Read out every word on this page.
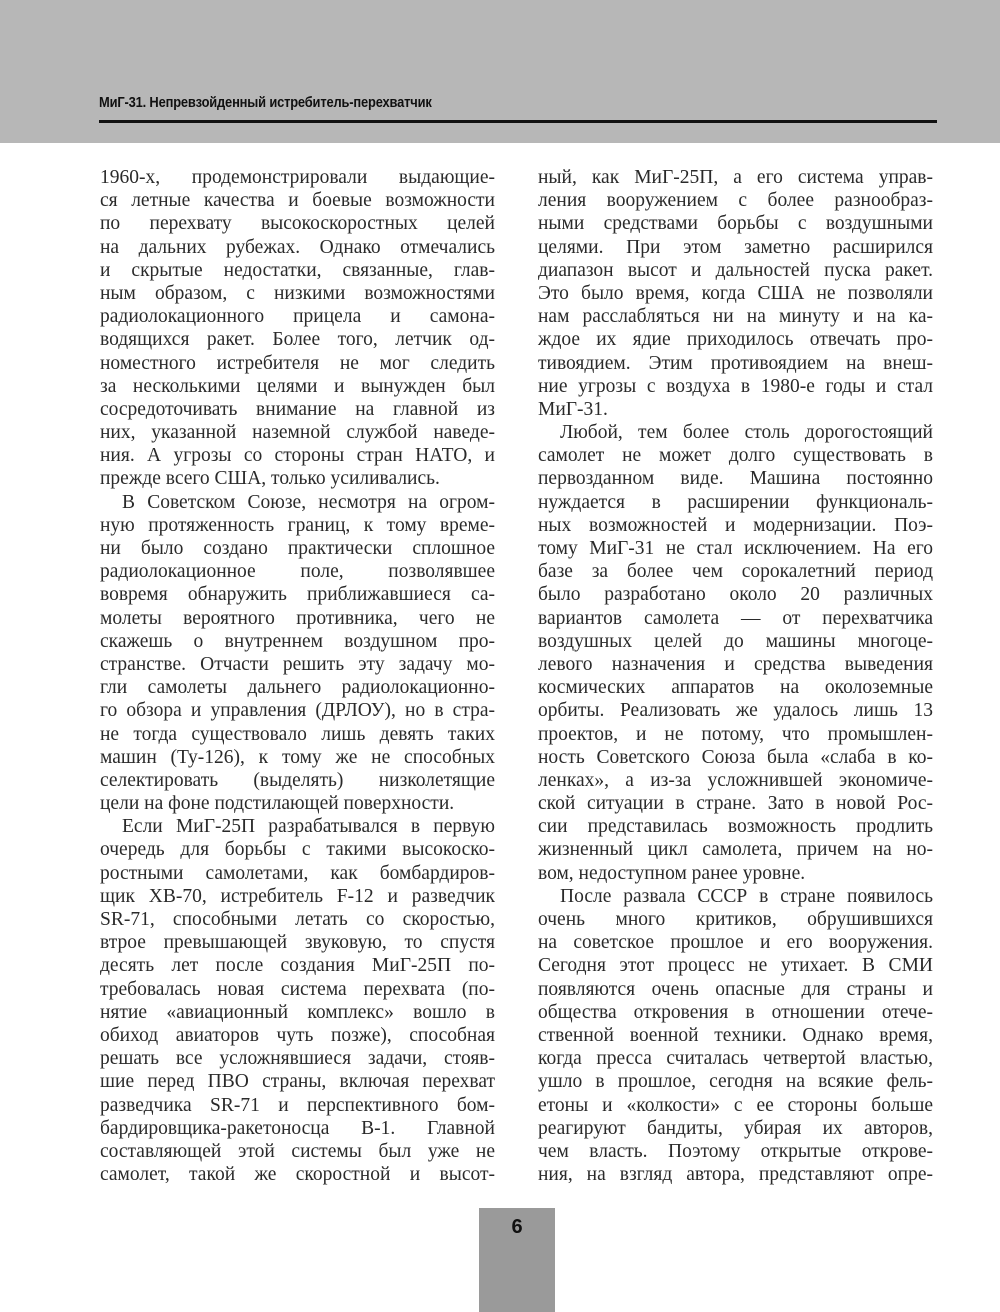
МиГ-31. Непревзойденный истребитель-перехватчик
1960-х, продемонстрировали выдающие-
ся летные качества и боевые возможности
по перехвату высокоскоростных целей
на дальних рубежах. Однако отмечались
и скрытые недостатки, связанные, глав-
ным образом, с низкими возможностями
радиолокационного прицела и самона-
водящихся ракет. Более того, летчик од-
номестного истребителя не мог следить
за несколькими целями и вынужден был
сосредоточивать внимание на главной из
них, указанной наземной службой наведе-
ния. А угрозы со стороны стран НАТО, и
прежде всего США, только усиливались.
В Советском Союзе, несмотря на огром-
ную протяженность границ, к тому време-
ни было создано практически сплошное
радиолокационное поле, позволявшее
вовремя обнаружить приближавшиеся са-
молеты вероятного противника, чего не
скажешь о внутреннем воздушном про-
странстве. Отчасти решить эту задачу мо-
гли самолеты дальнего радиолокационно-
го обзора и управления (ДРЛОУ), но в стра-
не тогда существовало лишь девять таких
машин (Ту-126), к тому же не способных
селектировать (выделять) низколетящие
цели на фоне подстилающей поверхности.
Если МиГ-25П разрабатывался в первую
очередь для борьбы с такими высокоско-
ростными самолетами, как бомбардиров-
щик XB-70, истребитель F-12 и разведчик
SR-71, способными летать со скоростью,
втрое превышающей звуковую, то спустя
десять лет после создания МиГ-25П по-
требовалась новая система перехвата (по-
нятие «авиационный комплекс» вошло в
обиход авиаторов чуть позже), способная
решать все усложнявшиеся задачи, стояв-
шие перед ПВО страны, включая перехват
разведчика SR-71 и перспективного бом-
бардировщика-ракетоносца B-1. Главной
составляющей этой системы был уже не
самолет, такой же скоростной и высот-
ный, как МиГ-25П, а его система управ-
ления вооружением с более разнообраз-
ными средствами борьбы с воздушными
целями. При этом заметно расширился
диапазон высот и дальностей пуска ракет.
Это было время, когда США не позволяли
нам расслабляться ни на минуту и на ка-
ждое их ядие приходилось отвечать про-
тивоядием. Этим противоядием на внеш-
ние угрозы с воздуха в 1980-е годы и стал
МиГ-31.
Любой, тем более столь дорогостоящий
самолет не может долго существовать в
первозданном виде. Машина постоянно
нуждается в расширении функциональ-
ных возможностей и модернизации. Поэ-
тому МиГ-31 не стал исключением. На его
базе за более чем сорокалетний период
было разработано около 20 различных
вариантов самолета — от перехватчика
воздушных целей до машины многоце-
левого назначения и средства выведения
космических аппаратов на околоземные
орбиты. Реализовать же удалось лишь 13
проектов, и не потому, что промышлен-
ность Советского Союза была «слаба в ко-
ленках», а из-за усложнившей экономиче-
ской ситуации в стране. Зато в новой Рос-
сии представилась возможность продлить
жизненный цикл самолета, причем на но-
вом, недоступном ранее уровне.
После развала СССР в стране появилось
очень много критиков, обрушившихся
на советское прошлое и его вооружения.
Сегодня этот процесс не утихает. В СМИ
появляются очень опасные для страны и
общества откровения в отношении отече-
ственной военной техники. Однако время,
когда пресса считалась четвертой властью,
ушло в прошлое, сегодня на всякие фель-
етоны и «колкости» с ее стороны больше
реагируют бандиты, убирая их авторов,
чем власть. Поэтому открытые открове-
ния, на взгляд автора, представляют опре-
6
